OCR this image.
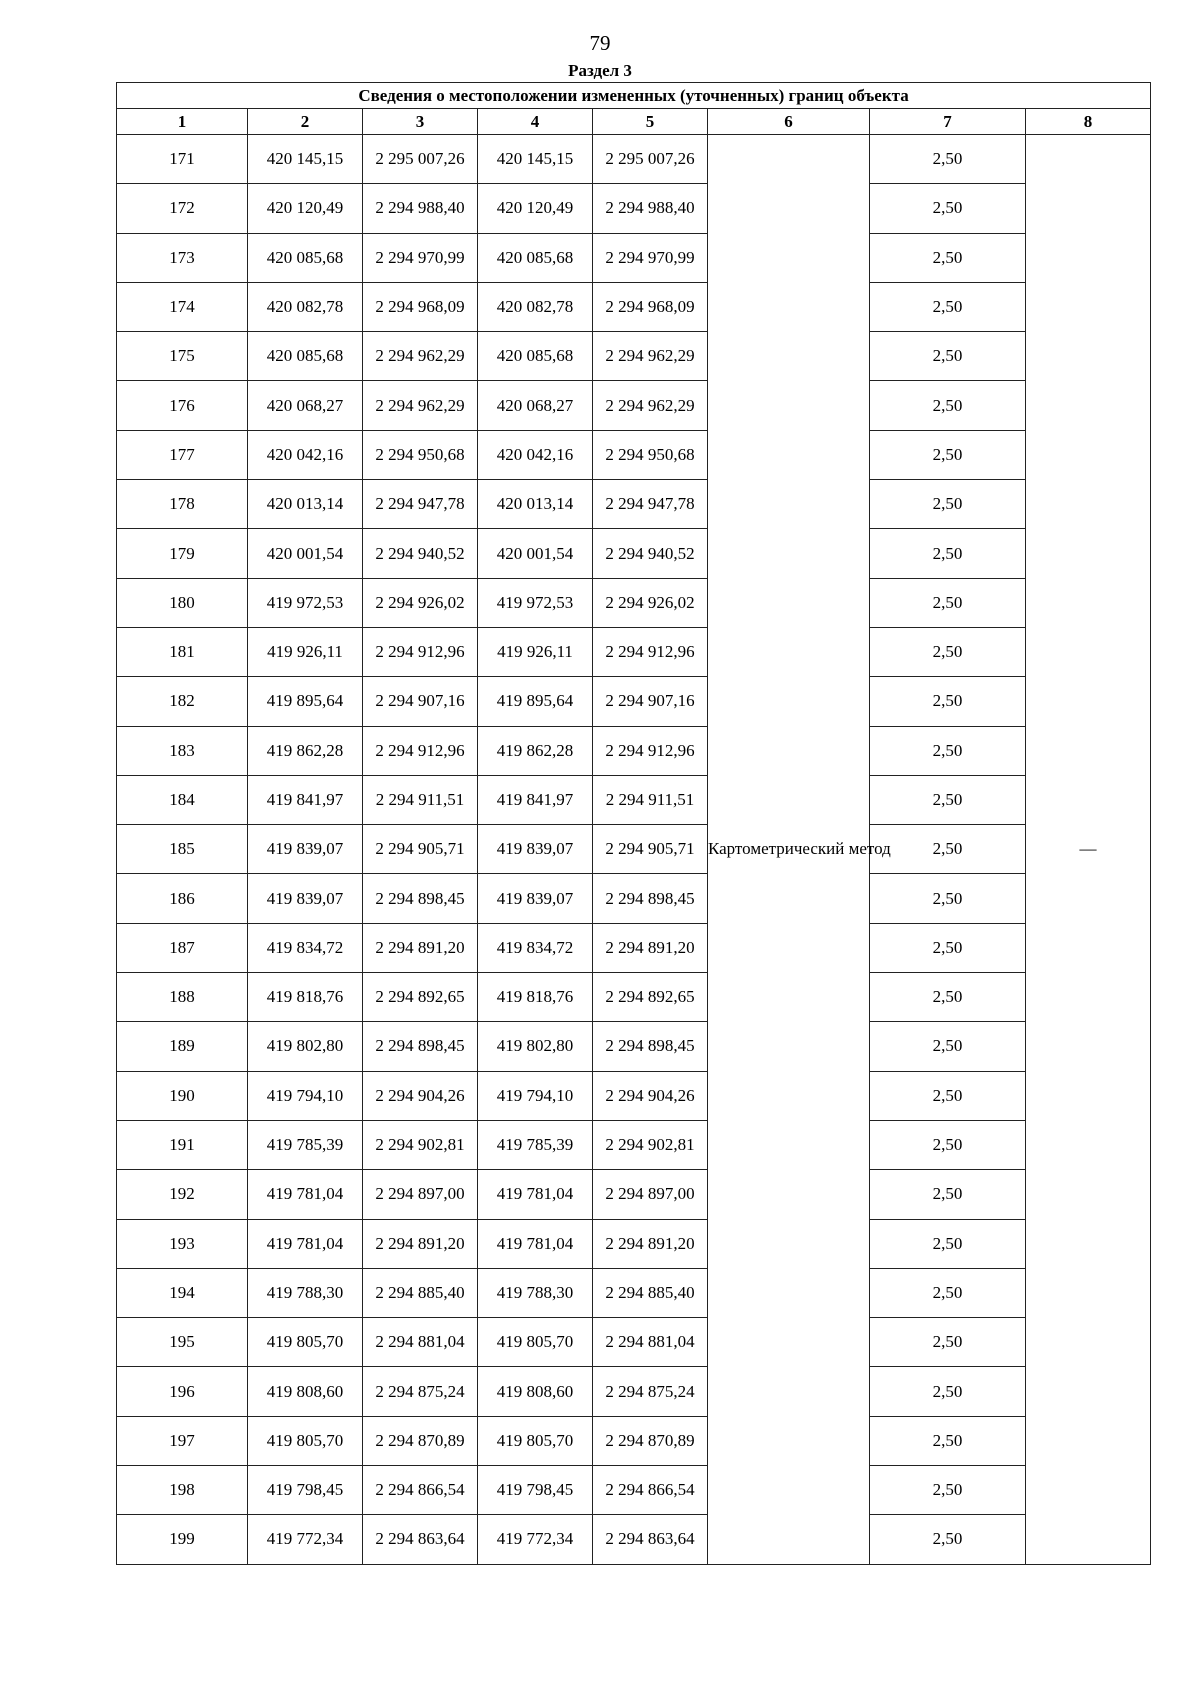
79
Раздел 3
Сведения о местоположении измененных (уточненных) границ объекта							
1	2	3	4	5	6	7	8
171	420 145,15	2 295 007,26	420 145,15	2 295 007,26	Картометрический метод	2,50	—
172	420 120,49	2 294 988,40	420 120,49	2 294 988,40		2,50	
173	420 085,68	2 294 970,99	420 085,68	2 294 970,99		2,50	
174	420 082,78	2 294 968,09	420 082,78	2 294 968,09		2,50	
175	420 085,68	2 294 962,29	420 085,68	2 294 962,29		2,50	
176	420 068,27	2 294 962,29	420 068,27	2 294 962,29		2,50	
177	420 042,16	2 294 950,68	420 042,16	2 294 950,68		2,50	
178	420 013,14	2 294 947,78	420 013,14	2 294 947,78		2,50	
179	420 001,54	2 294 940,52	420 001,54	2 294 940,52		2,50	
180	419 972,53	2 294 926,02	419 972,53	2 294 926,02		2,50	
181	419 926,11	2 294 912,96	419 926,11	2 294 912,96		2,50	
182	419 895,64	2 294 907,16	419 895,64	2 294 907,16		2,50	
183	419 862,28	2 294 912,96	419 862,28	2 294 912,96		2,50	
184	419 841,97	2 294 911,51	419 841,97	2 294 911,51		2,50	
185	419 839,07	2 294 905,71	419 839,07	2 294 905,71		2,50	
186	419 839,07	2 294 898,45	419 839,07	2 294 898,45		2,50	
187	419 834,72	2 294 891,20	419 834,72	2 294 891,20		2,50	
188	419 818,76	2 294 892,65	419 818,76	2 294 892,65		2,50	
189	419 802,80	2 294 898,45	419 802,80	2 294 898,45		2,50	
190	419 794,10	2 294 904,26	419 794,10	2 294 904,26		2,50	
191	419 785,39	2 294 902,81	419 785,39	2 294 902,81		2,50	
192	419 781,04	2 294 897,00	419 781,04	2 294 897,00		2,50	
193	419 781,04	2 294 891,20	419 781,04	2 294 891,20		2,50	
194	419 788,30	2 294 885,40	419 788,30	2 294 885,40		2,50	
195	419 805,70	2 294 881,04	419 805,70	2 294 881,04		2,50	
196	419 808,60	2 294 875,24	419 808,60	2 294 875,24		2,50	
197	419 805,70	2 294 870,89	419 805,70	2 294 870,89		2,50	
198	419 798,45	2 294 866,54	419 798,45	2 294 866,54		2,50	
199	419 772,34	2 294 863,64	419 772,34	2 294 863,64		2,50	
